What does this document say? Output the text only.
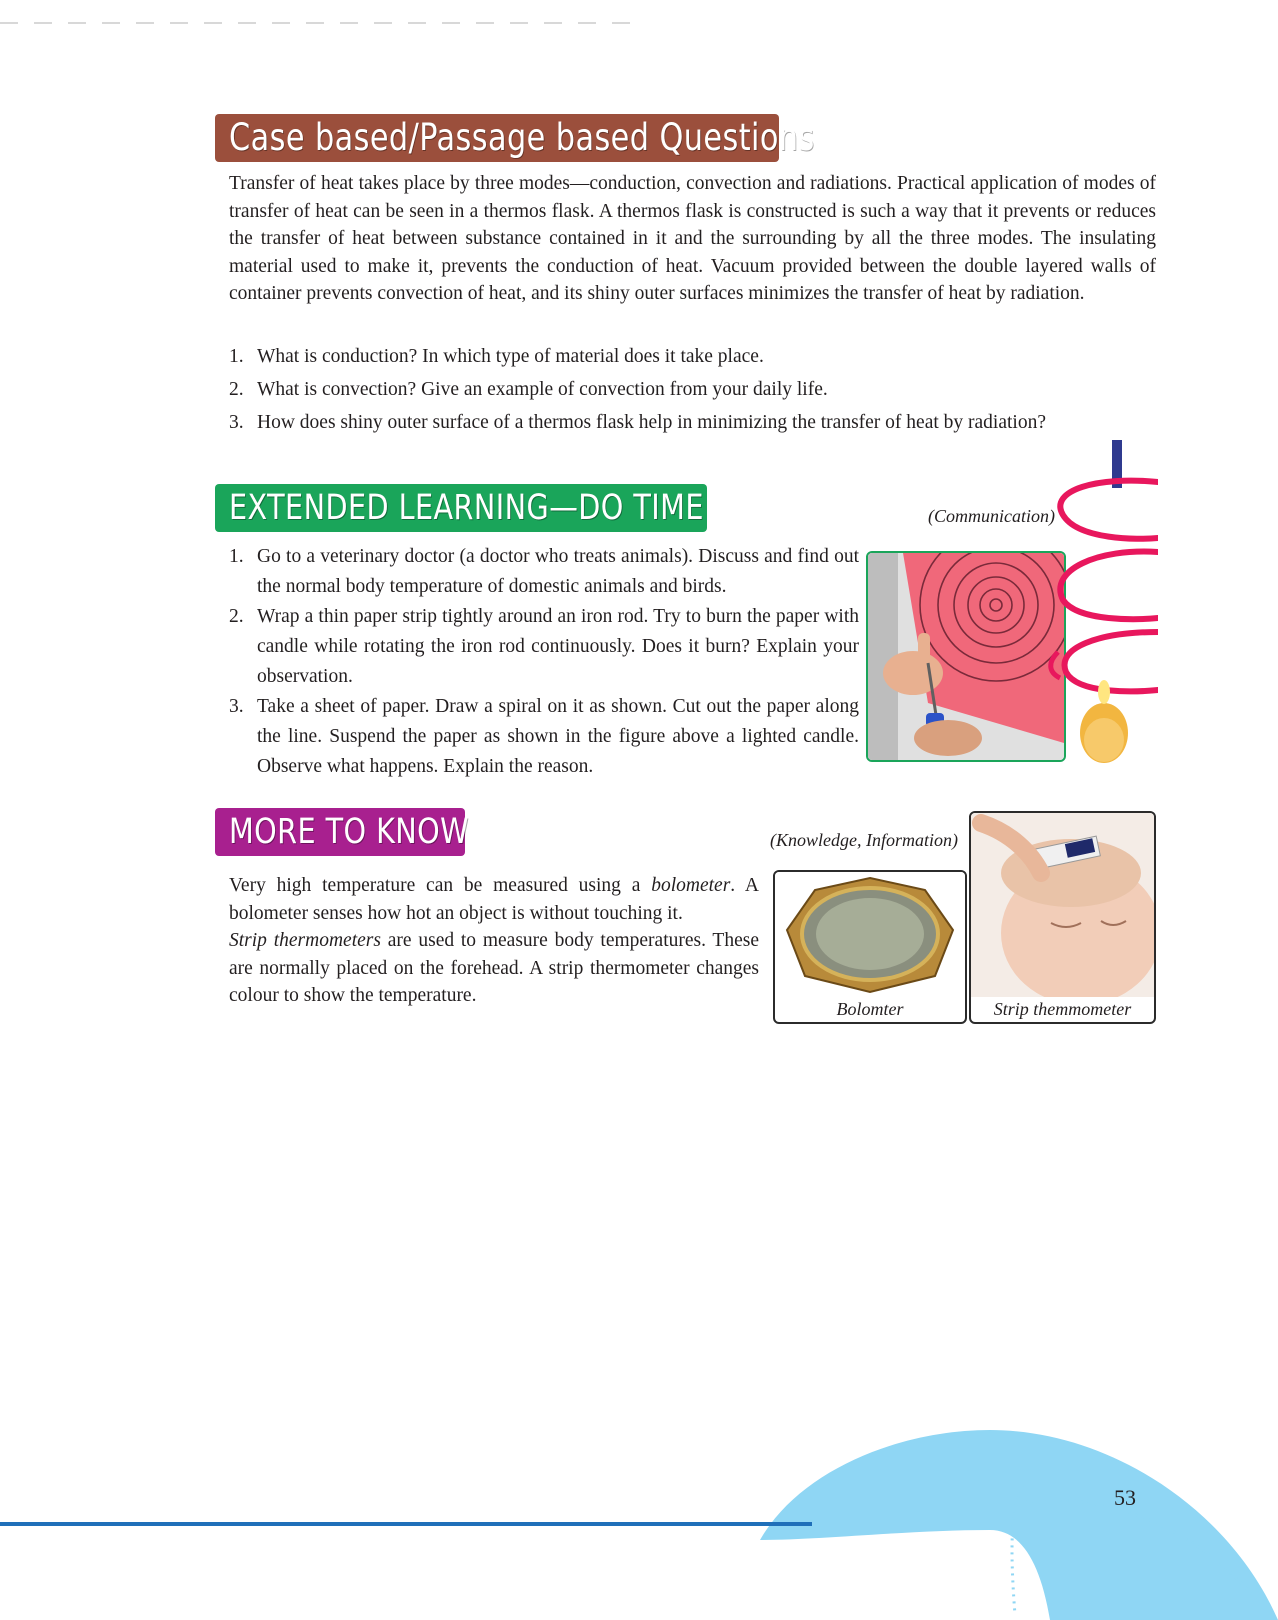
Case based/Passage based Questions
Transfer of heat takes place by three modes—conduction, convection and radiations. Practical application of modes of transfer of heat can be seen in a thermos flask. A thermos flask is constructed is such a way that it prevents or reduces the transfer of heat between substance contained in it and the surrounding by all the three modes. The insulating material used to make it, prevents the conduction of heat. Vacuum provided between the double layered walls of container prevents convection of heat, and its shiny outer surfaces minimizes the transfer of heat by radiation.
1. What is conduction? In which type of material does it take place.
2. What is convection? Give an example of convection from your daily life.
3. How does shiny outer surface of a thermos flask help in minimizing the transfer of heat by radiation?
EXTENDED LEARNING—DO TIME	(Communication)
1. Go to a veterinary doctor (a doctor who treats animals). Discuss and find out the normal body temperature of domestic animals and birds.
2. Wrap a thin paper strip tightly around an iron rod. Try to burn the paper with candle while rotating the iron rod continuously. Does it burn? Explain your observation.
3. Take a sheet of paper. Draw a spiral on it as shown. Cut out the paper along the line. Suspend the paper as shown in the figure above a lighted candle. Observe what happens. Explain the reason.
MORE TO KNOW	(Knowledge, Information)
Very high temperature can be measured using a bolometer. A bolometer senses how hot an object is without touching it.
Strip thermometers are used to measure body temperatures. These are normally placed on the forehead. A strip thermometer changes colour to show the temperature.
Bolomter	Strip themmometer
53
